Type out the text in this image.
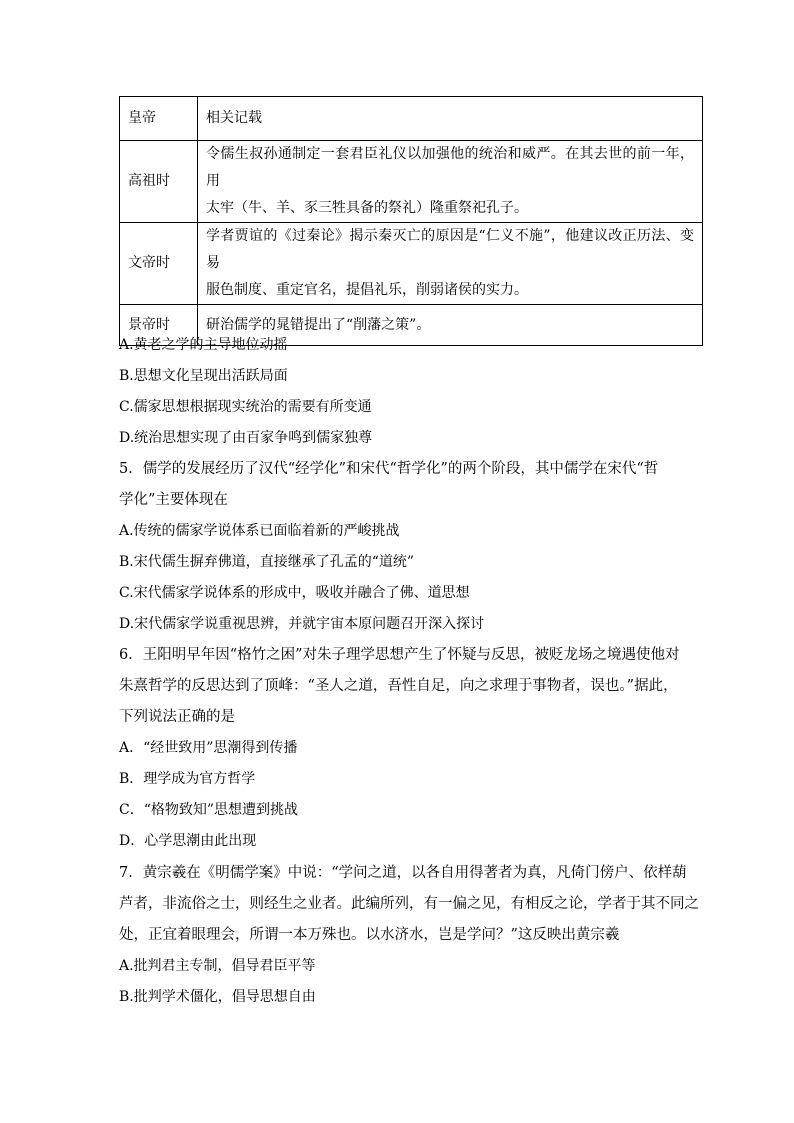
皇帝	相关记载
高祖时	令儒生叔孙通制定一套君臣礼仪以加强他的统治和威严。在其去世的前一年，用
太牢（牛、羊、豕三牲具备的祭礼）隆重祭祀孔子。

文帝时	学者贾谊的《过秦论》揭示秦灭亡的原因是“仁义不施”，他建议改正历法、变易
服色制度、重定官名，提倡礼乐，削弱诸侯的实力。

景帝时	研治儒学的晁错提出了“削藩之策”。
A.黄老之学的主导地位动摇
B.思想文化呈现出活跃局面
C.儒家思想根据现实统治的需要有所变通
D.统治思想实现了由百家争鸣到儒家独尊
5．儒学的发展经历了汉代“经学化”和宋代“哲学化”的两个阶段，其中儒学在宋代“哲
学化”主要体现在
A.传统的儒家学说体系已面临着新的严峻挑战
B.宋代儒生摒弃佛道，直接继承了孔孟的“道统”
C.宋代儒家学说体系的形成中，吸收并融合了佛、道思想
D.宋代儒家学说重视思辨，并就宇宙本原问题召开深入探讨
6．王阳明早年因“格竹之困”对朱子理学思想产生了怀疑与反思，被贬龙场之境遇使他对
朱熹哲学的反思达到了顶峰：“圣人之道，吾性自足，向之求理于事物者，误也。”据此，
下列说法正确的是
A．“经世致用”思潮得到传播
B．理学成为官方哲学
C．“格物致知”思想遭到挑战
D．心学思潮由此出现
7．黄宗羲在《明儒学案》中说：“学问之道，以各自用得著者为真，凡倚门傍户、依样葫
芦者，非流俗之士，则经生之业者。此编所列，有一偏之见，有相反之论，学者于其不同之
处，正宜着眼理会，所谓一本万殊也。以水济水，岂是学问？”这反映出黄宗羲
A.批判君主专制，倡导君臣平等
B.批判学术僵化，倡导思想自由
